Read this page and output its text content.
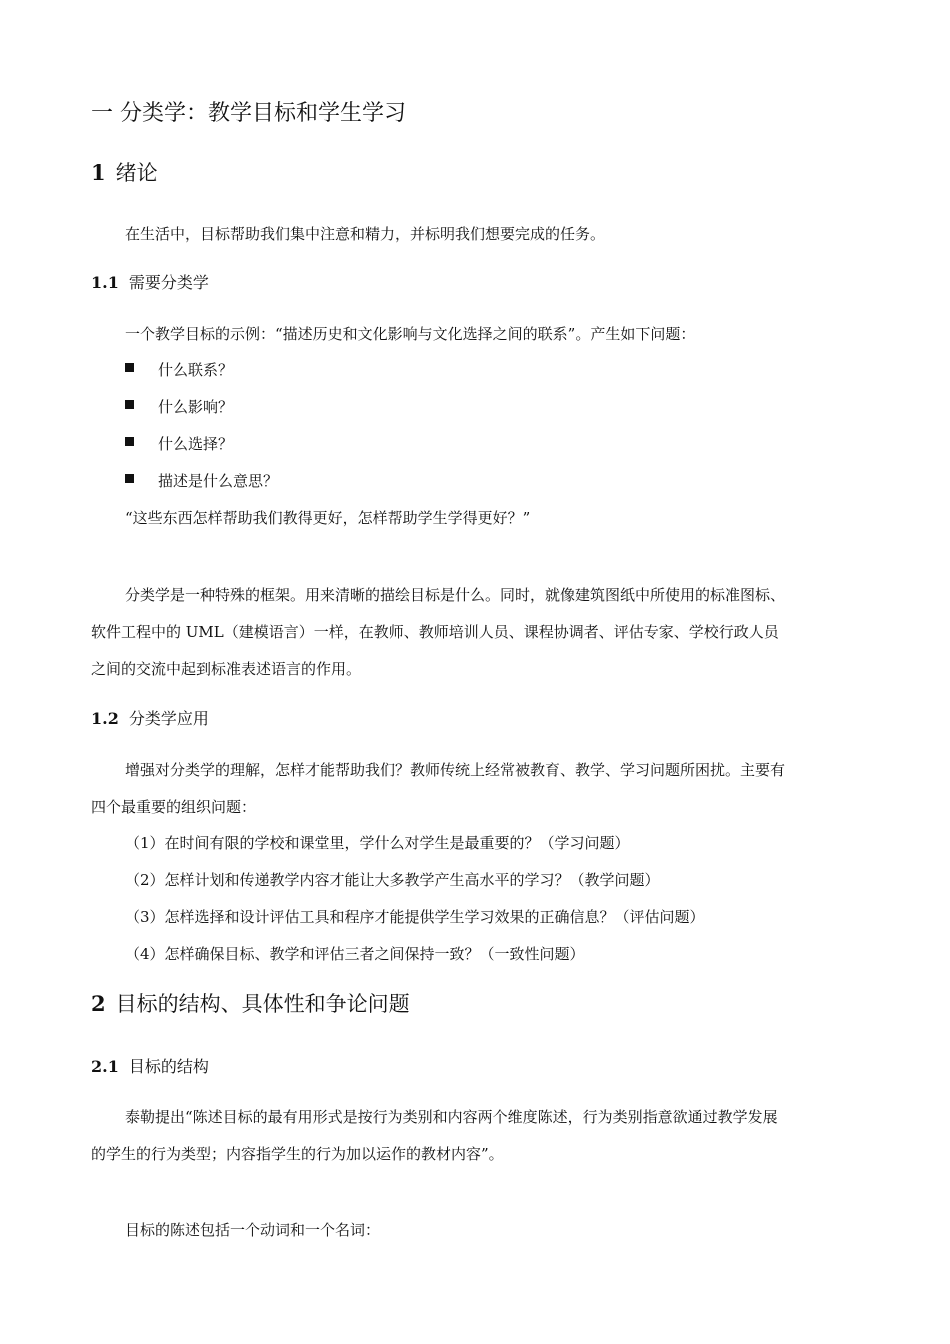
一 分类学：教学目标和学生学习
1 绪论
在生活中，目标帮助我们集中注意和精力，并标明我们想要完成的任务。
1.1 需要分类学
一个教学目标的示例：“描述历史和文化影响与文化选择之间的联系”。产生如下问题：
什么联系？
什么影响？
什么选择？
描述是什么意思？
“这些东西怎样帮助我们教得更好，怎样帮助学生学得更好？”
分类学是一种特殊的框架。用来清晰的描绘目标是什么。同时，就像建筑图纸中所使用的标准图标、
软件工程中的 UML（建模语言）一样，在教师、教师培训人员、课程协调者、评估专家、学校行政人员
之间的交流中起到标准表述语言的作用。
1.2 分类学应用
增强对分类学的理解，怎样才能帮助我们？教师传统上经常被教育、教学、学习问题所困扰。主要有
四个最重要的组织问题：
（1）在时间有限的学校和课堂里，学什么对学生是最重要的？（学习问题）
（2）怎样计划和传递教学内容才能让大多教学产生高水平的学习？（教学问题）
（3）怎样选择和设计评估工具和程序才能提供学生学习效果的正确信息？（评估问题）
（4）怎样确保目标、教学和评估三者之间保持一致？（一致性问题）
2 目标的结构、具体性和争论问题
2.1 目标的结构
泰勒提出“陈述目标的最有用形式是按行为类别和内容两个维度陈述，行为类别指意欲通过教学发展
的学生的行为类型；内容指学生的行为加以运作的教材内容”。
目标的陈述包括一个动词和一个名词：
